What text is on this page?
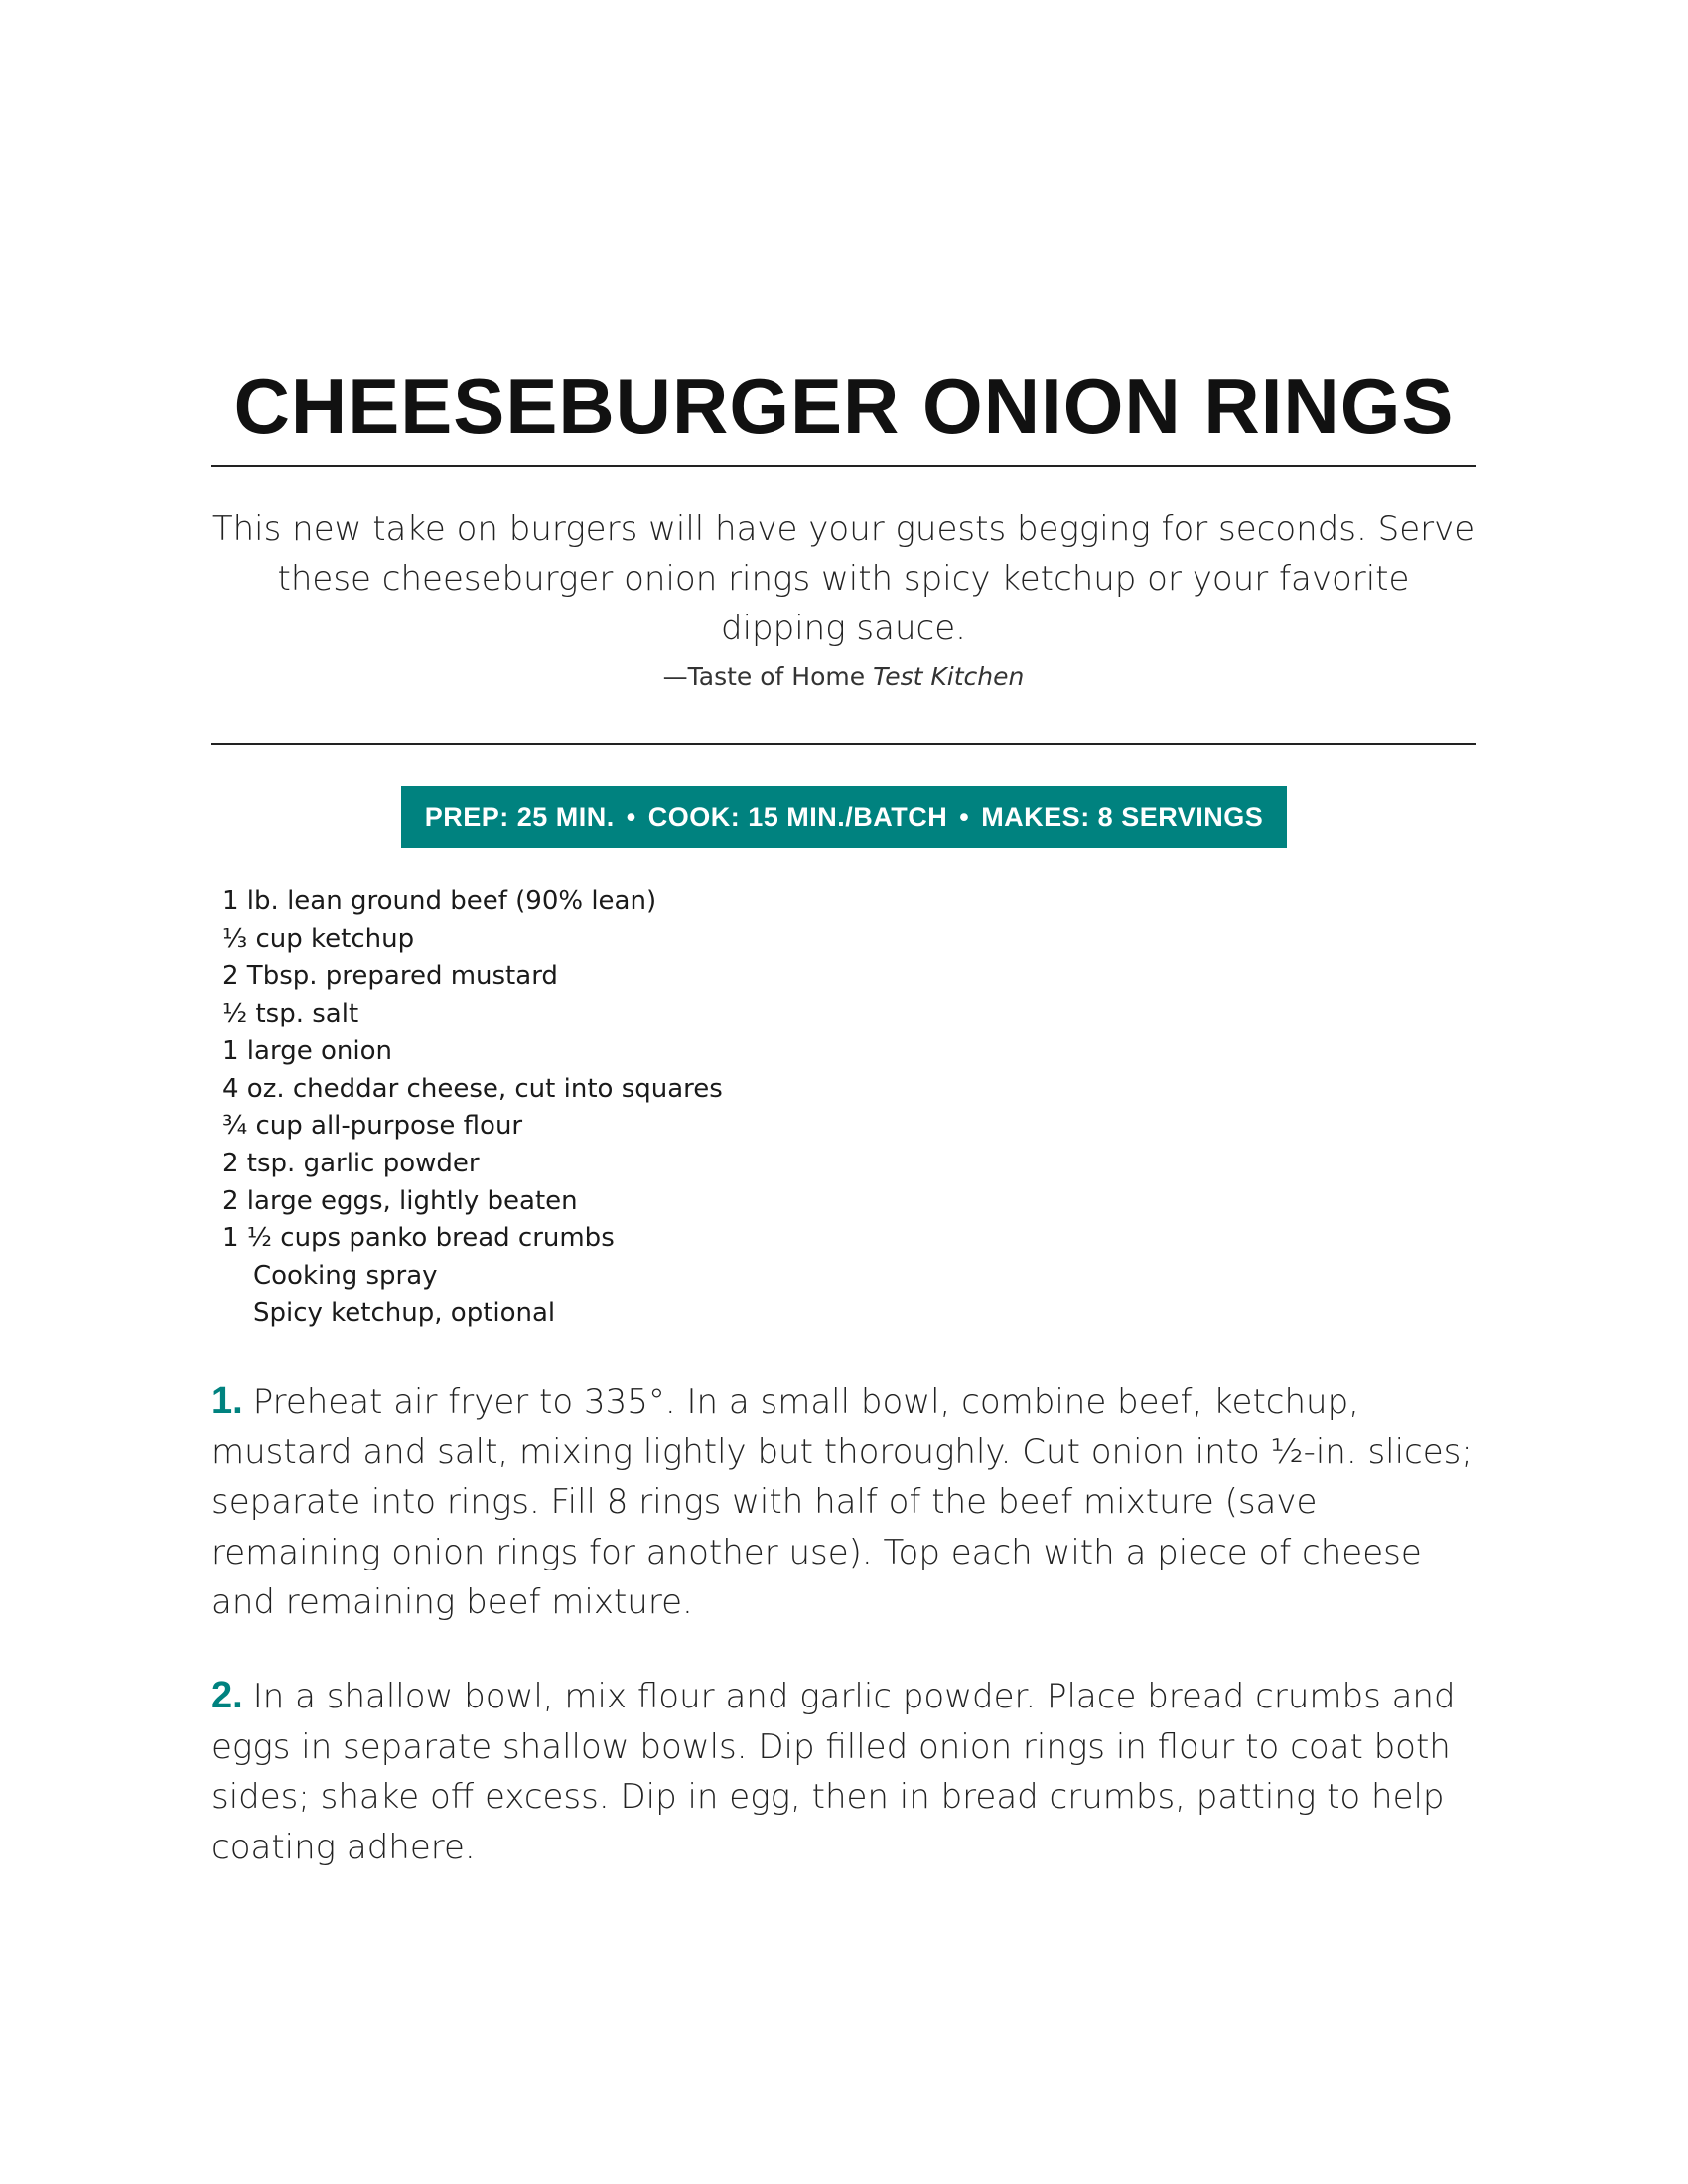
CHEESEBURGER ONION RINGS

This new take on burgers will have your guests begging for seconds. Serve these cheeseburger onion rings with spicy ketchup or your favorite dipping sauce.

—Taste of Home Test Kitchen
PREP: 25 MIN. • COOK: 15 MIN./BATCH • MAKES: 8 SERVINGS
1 lb. lean ground beef (90% lean)
⅓ cup ketchup
2 Tbsp. prepared mustard
½ tsp. salt
1 large onion
4 oz. cheddar cheese, cut into squares
¾ cup all-purpose flour
2 tsp. garlic powder
2 large eggs, lightly beaten
1 ½ cups panko bread crumbs
Cooking spray
Spicy ketchup, optional

1. Preheat air fryer to 335°. In a small bowl, combine beef, ketchup, mustard and salt, mixing lightly but thoroughly. Cut onion into ½-in. slices; separate into rings. Fill 8 rings with half of the beef mixture (save remaining onion rings for another use). Top each with a piece of cheese and remaining beef mixture.

2. In a shallow bowl, mix flour and garlic powder. Place bread crumbs and eggs in separate shallow bowls. Dip filled onion rings in flour to coat both sides; shake off excess. Dip in egg, then in bread crumbs, patting to help coating adhere.
